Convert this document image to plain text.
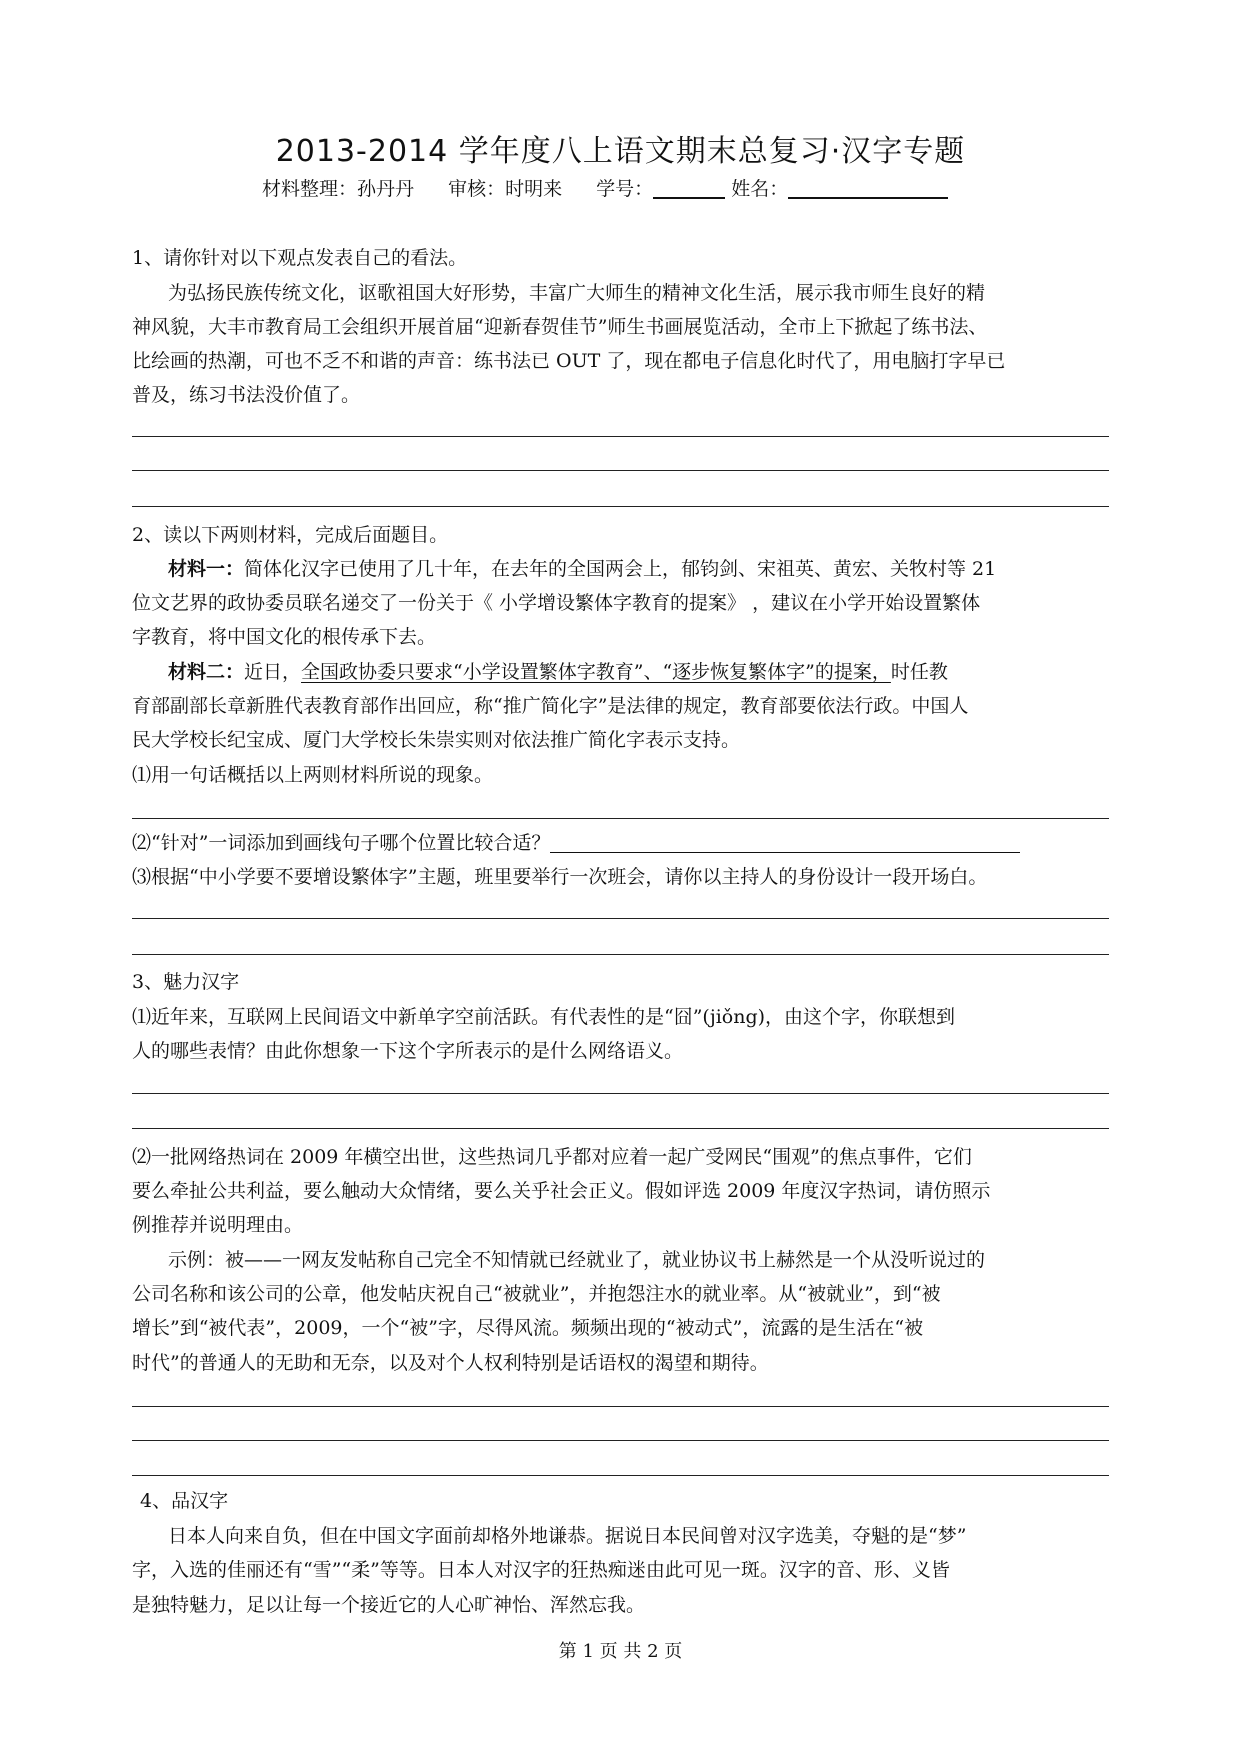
2013-2014 学年度八上语文期末总复习·汉字专题
材料整理：孙丹丹 审核：时明来 学号：	姓名：
1、请你针对以下观点发表自己的看法。
为弘扬民族传统文化，讴歌祖国大好形势，丰富广大师生的精神文化生活，展示我市师生良好的精
神风貌，大丰市教育局工会组织开展首届“迎新春贺佳节”师生书画展览活动，全市上下掀起了练书法、
比绘画的热潮，可也不乏不和谐的声音：练书法已 OUT 了，现在都电子信息化时代了，用电脑打字早已
普及，练习书法没价值了。
2、读以下两则材料，完成后面题目。
材料一：简体化汉字已使用了几十年，在去年的全国两会上，郁钧剑、宋祖英、黄宏、关牧村等 21
位文艺界的政协委员联名递交了一份关于《 小学增设繁体字教育的提案》 ，建议在小学开始设置繁体
字教育，将中国文化的根传承下去。
材料二：近日，全国政协委只要求“小学设置繁体字教育”、“逐步恢复繁体字”的提案，时任教
育部副部长章新胜代表教育部作出回应，称“推广简化字”是法律的规定，教育部要依法行政。中国人
民大学校长纪宝成、厦门大学校长朱崇实则对依法推广简化字表示支持。
⑴用一句话概括以上两则材料所说的现象。
⑵“针对”一词添加到画线句子哪个位置比较合适？
⑶根据“中小学要不要增设繁体字”主题，班里要举行一次班会，请你以主持人的身份设计一段开场白。
3、魅力汉字
⑴近年来，互联网上民间语文中新单字空前活跃。有代表性的是“囧”(jiǒng)，由这个字，你联想到
人的哪些表情？由此你想象一下这个字所表示的是什么网络语义。
⑵一批网络热词在 2009 年横空出世，这些热词几乎都对应着一起广受网民“围观”的焦点事件，它们
要么牵扯公共利益，要么触动大众情绪，要么关乎社会正义。假如评选 2009 年度汉字热词，请仿照示
例推荐并说明理由。
示例：被——一网友发帖称自己完全不知情就已经就业了，就业协议书上赫然是一个从没听说过的
公司名称和该公司的公章，他发帖庆祝自己“被就业”，并抱怨注水的就业率。从“被就业”，到“被
增长”到“被代表”，2009，一个“被”字，尽得风流。频频出现的“被动式”，流露的是生活在“被
时代”的普通人的无助和无奈，以及对个人权利特别是话语权的渴望和期待。
4、品汉字
日本人向来自负，但在中国文字面前却格外地谦恭。据说日本民间曾对汉字选美，夺魁的是“梦”
字，入选的佳丽还有“雪”“柔”等等。日本人对汉字的狂热痴迷由此可见一斑。汉字的音、形、义皆
是独特魅力，足以让每一个接近它的人心旷神怡、浑然忘我。
第 1 页 共 2 页
